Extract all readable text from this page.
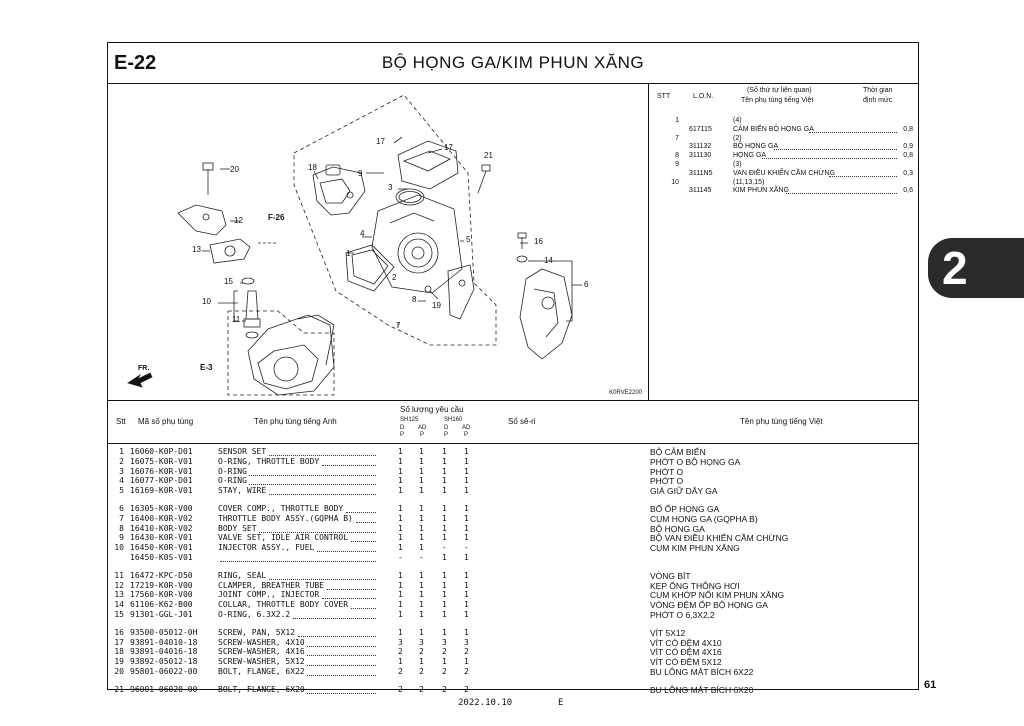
E-22	BỘ HỌNG GA/KIM PHUN XĂNG
17
17
21
18
9
3
20
2
12	F-26
4
16
13
14
6
15
5
1
10	8
19
11
7
E-3
FR.
K0RVE2200
STT	L.O.N.
(Số thứ tự liên quan)
Tên phụ tùng tiếng Việt
Thời gian
định mức
1	(4)
617115	CẢM BIẾN BỘ HỌNG GA	0,8
7	(2)
311132	BỘ HỌNG GA	0,9
8 311130	HỌNG GA	0,8
9	(3)
3111N5	VAN ĐIỀU KHIỂN CẦM CHỪNG	0,3
10	(11,13,15)
311145	KIM PHUN XĂNG	0,6
Stt Mã số phụ tùng	Tên phụ tùng tiếng Anh
Số lượng yêu cầu
SH125	SH160
D AD	D AD
P	P	P	P
Số sê-ri	Tên phụ tùng tiếng Việt
1 16060-K0P-D01	SENSOR SET	1 1 1 1	BỘ CẢM BIẾN
2 16075-K0R-V01	O-RING, THROTTLE BODY	1 1 1 1	PHỚT O BỘ HỌNG GA
3 16076-K0R-V01	O-RING	1 1 1 1	PHỚT O
4 16077-K0P-D01	O-RING	1 1 1 1	PHỚT O
5 16169-K0R-V01	STAY, WIRE	1 1 1 1	GIÁ GIỮ DÂY GA
6 16305-K0R-V00	COVER COMP., THROTTLE BODY	1 1 1 1	BỐ ỐP HỌNG GA
7 16400-K0R-V02	THROTTLE BODY ASSY.(GQPHA B)	1 1 1 1	CỤM HỌNG GA (GQPHA B)
8 16410-K0R-V02	BODY SET	1 1 1 1	BỘ HỌNG GA
9 16430-K0R-V01	VALVE SET, IDLE AIR CONTROL	1 1 1 1	BỘ VAN ĐIỀU KHIỂN CẦM CHỪNG
10 16450-K0R-V01	INJECTOR ASSY., FUEL	1 1 - -	CỤM KIM PHUN XĂNG
16450-K0S-V01	- - 1 1
11 16472-KPC-D50	RING, SEAL	1 1 1 1	VÒNG BÍT
12 17219-K0R-V00	CLAMPER, BREATHER TUBE	1 1 1 1	KẸP ỐNG THÔNG HƠI
13 17560-K0R-V00	JOINT COMP., INJECTOR	1 1 1 1	CỤM KHỚP NỐI KIM PHUN XĂNG
14 61106-K62-B00	COLLAR, THROTTLE BODY COVER	1 1 1 1	VÒNG ĐỆM ỐP BỘ HỌNG GA
15 91301-GGL-J01	O-RING, 6.3X2.2	1 1 1 1	PHỚT O 6,3X2,2
16 93500-05012-0H	SCREW, PAN, 5X12	1 1 1 1	VÍT 5X12
17 93891-04010-18	SCREW-WASHER, 4X10	3 3 3 3	VÍT CÓ ĐỆM 4X10
18 93891-04016-18	SCREW-WASHER, 4X16	2 2 2 2	VÍT CÓ ĐỆM 4X16
19 93892-05012-18	SCREW-WASHER, 5X12	1 1 1 1	VÍT CÓ ĐỆM 5X12
20 95801-06022-00	BOLT, FLANGE, 6X22	2 2 2 2	BU LÔNG MẶT BÍCH 6X22
21 96001-06020-00	BOLT, FLANGE, 6X20	2 2 2 2	BU LÔNG MẶT BÍCH 6X20
2
61
2022.10.10	E
